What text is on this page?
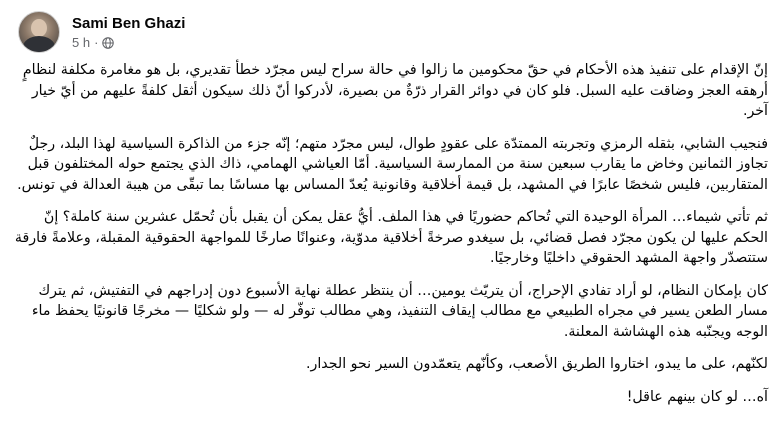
Sami Ben Ghazi
5 h ·

إنّ الإقدام على تنفيذ هذه الأحكام في حقّ محكومين ما زالوا في حالة سراح ليس مجرّد خطأ تقديري، بل هو مغامرة مكلفة لنظامٍ أرهقه العجز وضاقت عليه السبل. فلو كان في دوائر القرار ذرّةٌ من بصيرة، لأدركوا أنّ ذلك سيكون أثقل كلفةً عليهم من أيّ خيار آخر.

فنجيب الشابي، بثقله الرمزي وتجربته الممتدّة على عقودٍ طوال، ليس مجرّد متهم؛ إنّه جزء من الذاكرة السياسية لهذا البلد، رجلٌ تجاوز الثمانين وخاض ما يقارب سبعين سنة من الممارسة السياسية. أمّا العياشي الهمامي، ذاك الذي يجتمع حوله المختلفون قبل المتقاربين، فليس شخصًا عابرًا في المشهد، بل قيمة أخلاقية وقانونية يُعدّ المساس بها مساسًا بما تبقّى من هيبة العدالة في تونس.

ثم تأتي شيماء… المرأة الوحيدة التي تُحاكم حضوريًا في هذا الملف. أيُّ عقل يمكن أن يقبل بأن تُحمّل عشرين سنة كاملة؟ إنّ الحكم عليها لن يكون مجرّد فصل قضائي، بل سيغدو صرخةً أخلاقية مدوّية، وعنوانًا صارخًا للمواجهة الحقوقية المقبلة، وعلامةً فارقة ستتصدّر واجهة المشهد الحقوقي داخليًا وخارجيًا.

كان بإمكان النظام، لو أراد تفادي الإحراج، أن يتريّث يومين… أن ينتظر عطلة نهاية الأسبوع دون إدراجهم في التفتيش، ثم يترك مسار الطعن يسير في مجراه الطبيعي مع مطالب إيقاف التنفيذ، وهي مطالب توفّر له — ولو شكليًا — مخرجًا قانونيًا يحفظ ماء الوجه ويجنّبه هذه الهشاشة المعلنة.

لكنّهم، على ما يبدو، اختاروا الطريق الأصعب، وكأنّهم يتعمّدون السير نحو الجدار.

آه… لو كان بينهم عاقل!
